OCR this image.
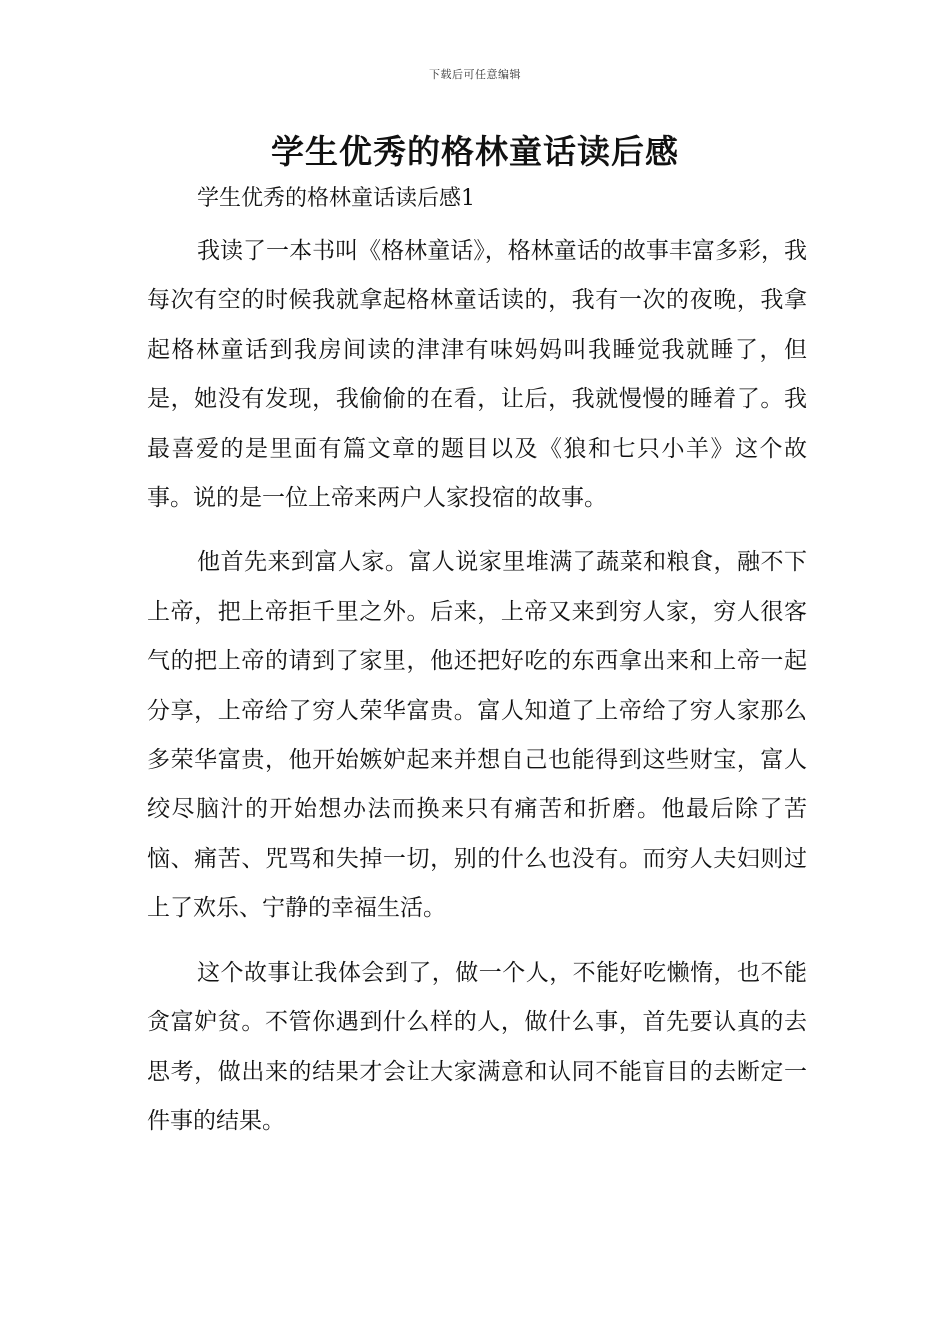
下载后可任意编辑
学生优秀的格林童话读后感
学生优秀的格林童话读后感1

我读了一本书叫《格林童话》，格林童话的故事丰富多彩，我每次有空的时候我就拿起格林童话读的，我有一次的夜晚，我拿起格林童话到我房间读的津津有味妈妈叫我睡觉我就睡了，但是，她没有发现，我偷偷的在看，让后，我就慢慢的睡着了。我最喜爱的是里面有篇文章的题目以及《狼和七只小羊》这个故事。说的是一位上帝来两户人家投宿的故事。

他首先来到富人家。富人说家里堆满了蔬菜和粮食，融不下上帝，把上帝拒千里之外。后来，上帝又来到穷人家，穷人很客气的把上帝的请到了家里，他还把好吃的东西拿出来和上帝一起分享，上帝给了穷人荣华富贵。富人知道了上帝给了穷人家那么多荣华富贵，他开始嫉妒起来并想自己也能得到这些财宝，富人绞尽脑汁的开始想办法而换来只有痛苦和折磨。他最后除了苦恼、痛苦、咒骂和失掉一切，别的什么也没有。而穷人夫妇则过上了欢乐、宁静的幸福生活。

这个故事让我体会到了，做一个人，不能好吃懒惰，也不能贪富妒贫。不管你遇到什么样的人，做什么事，首先要认真的去思考，做出来的结果才会让大家满意和认同不能盲目的去断定一件事的结果。
